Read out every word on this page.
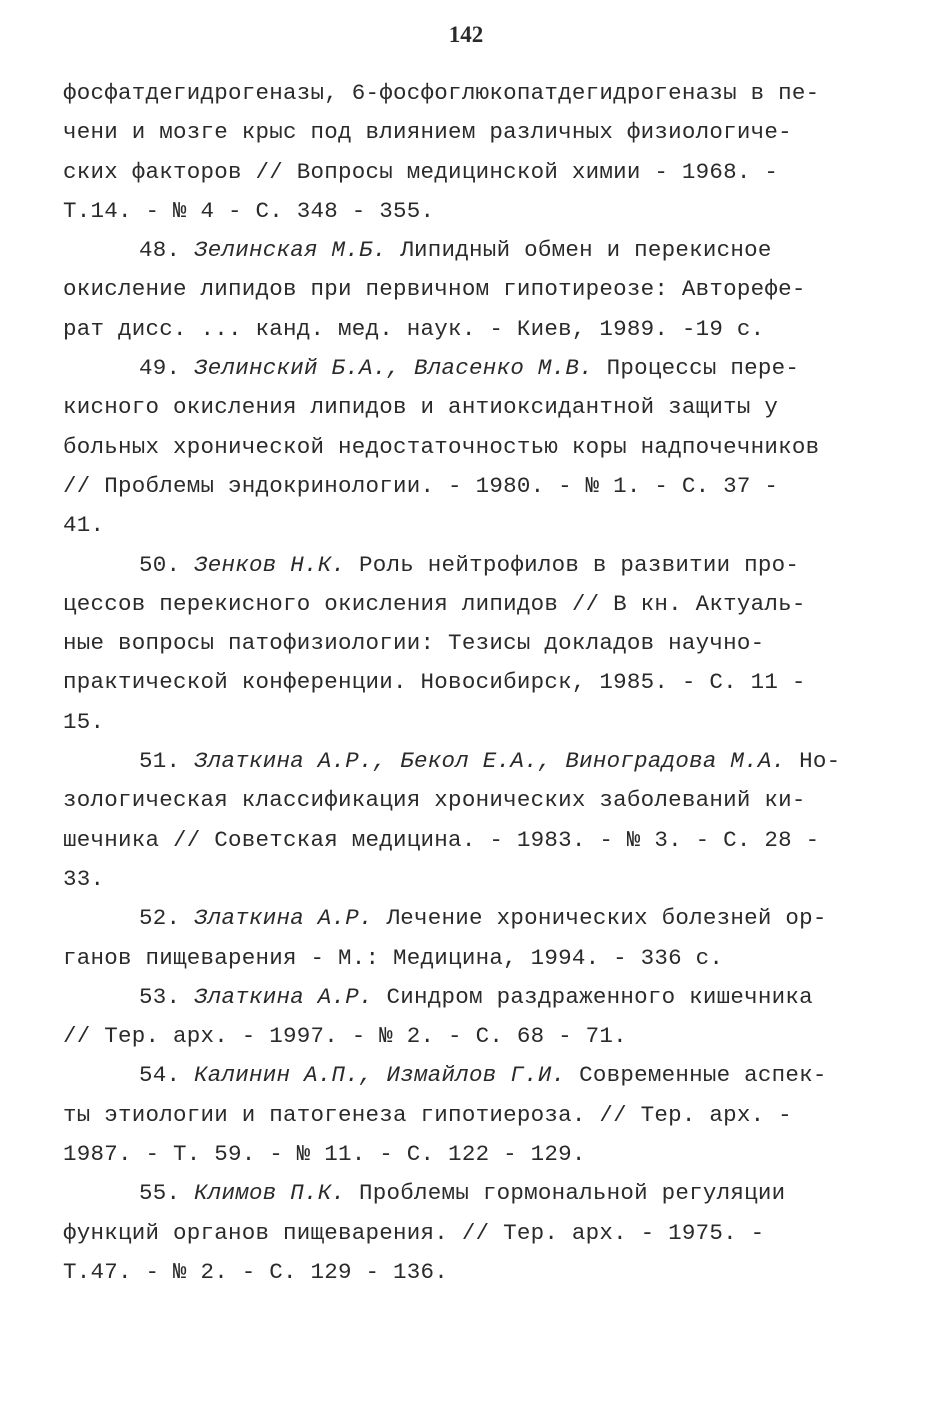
142
фосфатдегидрогеназы, 6-фосфоглюкопатдегидрогеназы в пе-
чени и мозге крыс под влиянием различных физиологиче-
ских факторов // Вопросы медицинской химии - 1968. -
Т.14. - № 4 - С. 348 - 355.
48. Зелинская М.Б. Липидный обмен и перекисное
окисление липидов при первичном гипотиреозе: Авторефе-
рат дисс. ... канд. мед. наук. - Киев, 1989. -19 с.
49. Зелинский Б.А., Власенко М.В. Процессы пере-
кисного окисления липидов и антиоксидантной защиты у
больных хронической недостаточностью коры надпочечников
// Проблемы эндокринологии. - 1980. - № 1. - С. 37 -
41.
50. Зенков Н.К. Роль нейтрофилов в развитии про-
цессов перекисного окисления липидов // В кн. Актуаль-
ные вопросы патофизиологии: Тезисы докладов научно-
практической конференции. Новосибирск, 1985. - С. 11 -
15.
51. Златкина А.Р., Бекол Е.А., Виноградова М.А. Но-
зологическая классификация хронических заболеваний ки-
шечника // Советская медицина. - 1983. - № 3. - С. 28 -
33.
52. Златкина А.Р. Лечение хронических болезней ор-
ганов пищеварения - М.: Медицина, 1994. - 336 с.
53. Златкина А.Р. Синдром раздраженного кишечника
// Тер. арх. - 1997. - № 2. - С. 68 - 71.
54. Калинин А.П., Измайлов Г.И. Современные аспек-
ты этиологии и патогенеза гипотиероза. // Тер. арх. -
1987. - Т. 59. - № 11. - С. 122 - 129.
55. Климов П.К. Проблемы гормональной регуляции
функций органов пищеварения. // Тер. арх. - 1975. -
Т.47. - № 2. - С. 129 - 136.
